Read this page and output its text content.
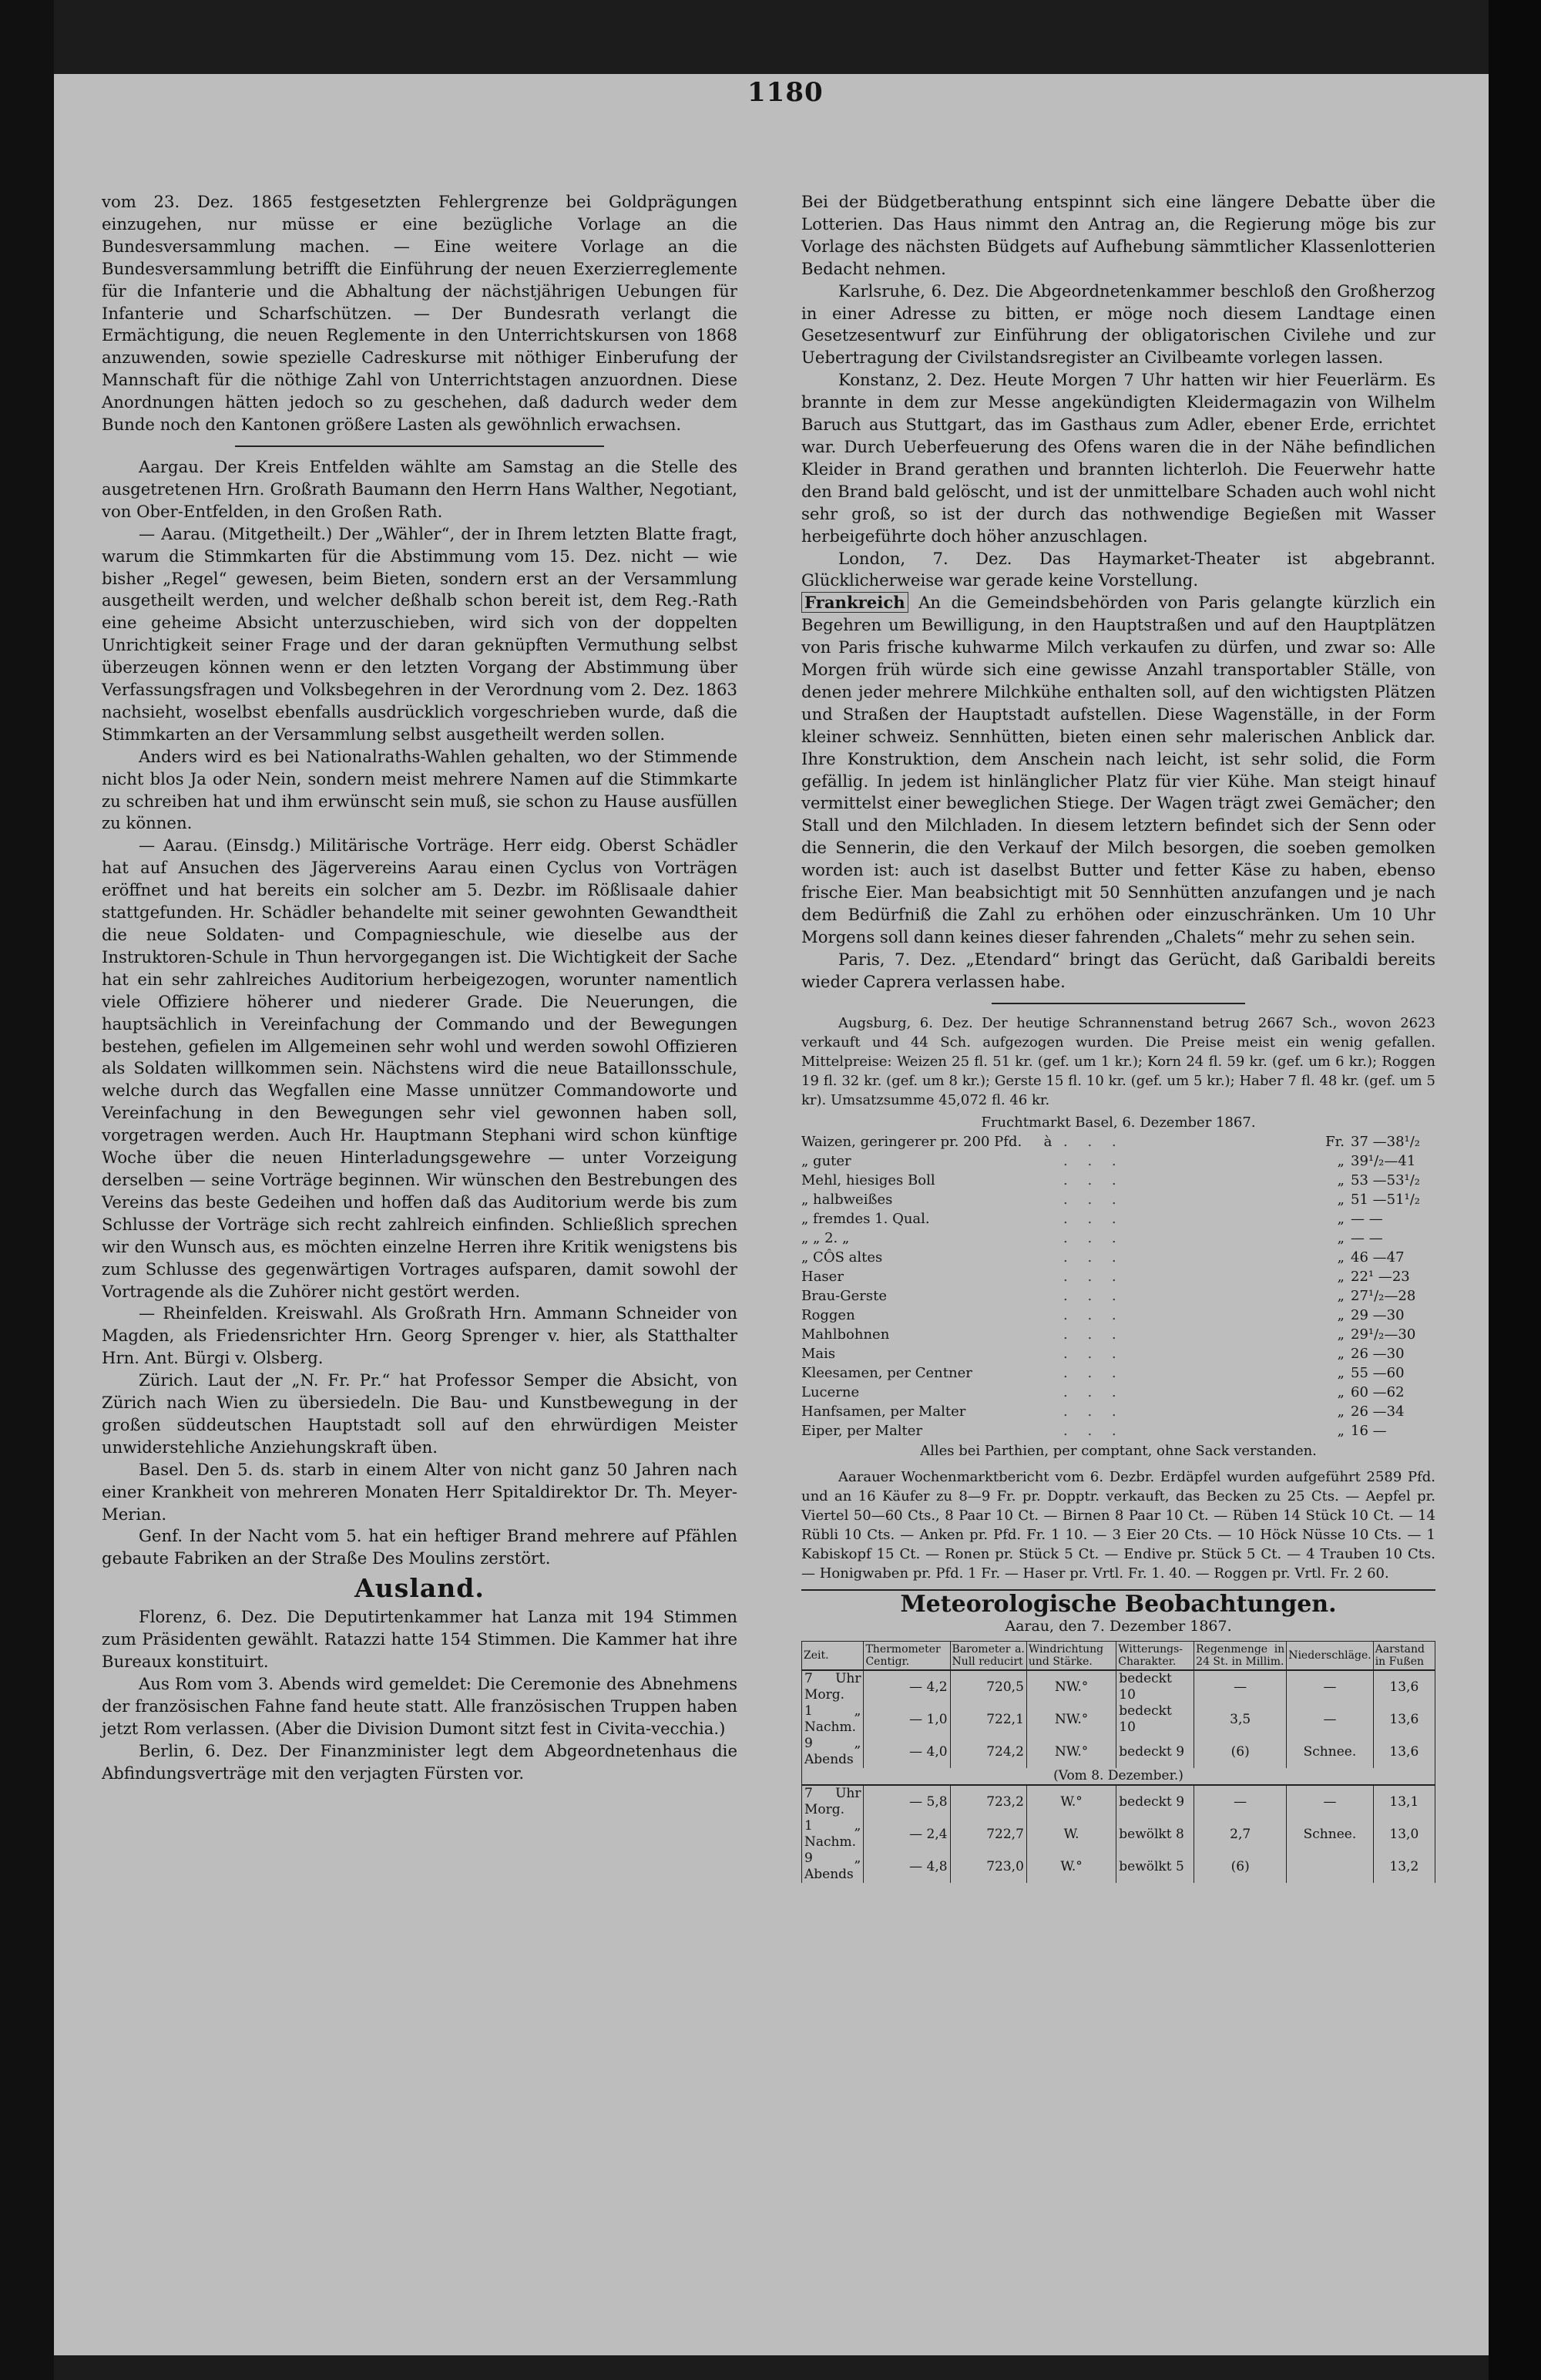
1180

vom 23. Dez. 1865 festgesetzten Fehlergrenze bei Goldprägungen einzugehen, nur müsse er eine bezügliche Vorlage an die Bundesversammlung machen. — Eine weitere Vorlage an die Bundesversammlung betrifft die Einführung der neuen Exerzierreglemente für die Infanterie und die Abhaltung der nächstjährigen Uebungen für Infanterie und Scharfschützen. — Der Bundesrath verlangt die Ermächtigung, die neuen Reglemente in den Unterrichtskursen von 1868 anzuwenden, sowie spezielle Cadreskurse mit nöthiger Einberufung der Mannschaft für die nöthige Zahl von Unterrichtstagen anzuordnen. Diese Anordnungen hätten jedoch so zu geschehen, daß dadurch weder dem Bunde noch den Kantonen größere Lasten als gewöhnlich erwachsen.

Aargau. Der Kreis Entfelden wählte am Samstag an die Stelle des ausgetretenen Hrn. Großrath Baumann den Herrn Hans Walther, Negotiant, von Ober-Entfelden, in den Großen Rath.

— Aarau. (Mitgetheilt.) Der „Wähler“, der in Ihrem letzten Blatte fragt, warum die Stimmkarten für die Abstimmung vom 15. Dez. nicht — wie bisher „Regel“ gewesen, beim Bieten, sondern erst an der Versammlung ausgetheilt werden, und welcher deßhalb schon bereit ist, dem Reg.-Rath eine geheime Absicht unterzuschieben, wird sich von der doppelten Unrichtigkeit seiner Frage und der daran geknüpften Vermuthung selbst überzeugen können wenn er den letzten Vorgang der Abstimmung über Verfassungsfragen und Volksbegehren in der Verordnung vom 2. Dez. 1863 nachsieht, woselbst ebenfalls ausdrücklich vorgeschrieben wurde, daß die Stimmkarten an der Versammlung selbst ausgetheilt werden sollen.

Anders wird es bei Nationalraths-Wahlen gehalten, wo der Stimmende nicht blos Ja oder Nein, sondern meist mehrere Namen auf die Stimmkarte zu schreiben hat und ihm erwünscht sein muß, sie schon zu Hause ausfüllen zu können.

— Aarau. (Einsdg.) Militärische Vorträge. Herr eidg. Oberst Schädler hat auf Ansuchen des Jägervereins Aarau einen Cyclus von Vorträgen eröffnet und hat bereits ein solcher am 5. Dezbr. im Rößlisaale dahier stattgefunden. Hr. Schädler behandelte mit seiner gewohnten Gewandtheit die neue Soldaten- und Compagnieschule, wie dieselbe aus der Instruktoren-Schule in Thun hervorgegangen ist. Die Wichtigkeit der Sache hat ein sehr zahlreiches Auditorium herbeigezogen, worunter namentlich viele Offiziere höherer und niederer Grade. Die Neuerungen, die hauptsächlich in Vereinfachung der Commando und der Bewegungen bestehen, gefielen im Allgemeinen sehr wohl und werden sowohl Offizieren als Soldaten willkommen sein. Nächstens wird die neue Bataillonsschule, welche durch das Wegfallen eine Masse unnützer Commandoworte und Vereinfachung in den Bewegungen sehr viel gewonnen haben soll, vorgetragen werden. Auch Hr. Hauptmann Stephani wird schon künftige Woche über die neuen Hinterladungsgewehre — unter Vorzeigung derselben — seine Vorträge beginnen. Wir wünschen den Bestrebungen des Vereins das beste Gedeihen und hoffen daß das Auditorium werde bis zum Schlusse der Vorträge sich recht zahlreich einfinden. Schließlich sprechen wir den Wunsch aus, es möchten einzelne Herren ihre Kritik wenigstens bis zum Schlusse des gegenwärtigen Vortrages aufsparen, damit sowohl der Vortragende als die Zuhörer nicht gestört werden.

— Rheinfelden. Kreiswahl. Als Großrath Hrn. Ammann Schneider von Magden, als Friedensrichter Hrn. Georg Sprenger v. hier, als Statthalter Hrn. Ant. Bürgi v. Olsberg.

Zürich. Laut der „N. Fr. Pr.“ hat Professor Semper die Absicht, von Zürich nach Wien zu übersiedeln. Die Bau- und Kunstbewegung in der großen süddeutschen Hauptstadt soll auf den ehrwürdigen Meister unwiderstehliche Anziehungskraft üben.

Basel. Den 5. ds. starb in einem Alter von nicht ganz 50 Jahren nach einer Krankheit von mehreren Monaten Herr Spitaldirektor Dr. Th. Meyer-Merian.

Genf. In der Nacht vom 5. hat ein heftiger Brand mehrere auf Pfählen gebaute Fabriken an der Straße Des Moulins zerstört.

Ausland.

Florenz, 6. Dez. Die Deputirtenkammer hat Lanza mit 194 Stimmen zum Präsidenten gewählt. Ratazzi hatte 154 Stimmen. Die Kammer hat ihre Bureaux konstituirt.

Aus Rom vom 3. Abends wird gemeldet: Die Ceremonie des Abnehmens der französischen Fahne fand heute statt. Alle französischen Truppen haben jetzt Rom verlassen. (Aber die Division Dumont sitzt fest in Civita-vecchia.)

Berlin, 6. Dez. Der Finanzminister legt dem Abgeordnetenhaus die Abfindungsverträge mit den verjagten Fürsten vor.

Bei der Büdgetberathung entspinnt sich eine längere Debatte über die Lotterien. Das Haus nimmt den Antrag an, die Regierung möge bis zur Vorlage des nächsten Büdgets auf Aufhebung sämmtlicher Klassenlotterien Bedacht nehmen.

Karlsruhe, 6. Dez. Die Abgeordnetenkammer beschloß den Großherzog in einer Adresse zu bitten, er möge noch diesem Landtage einen Gesetzesentwurf zur Einführung der obligatorischen Civilehe und zur Uebertragung der Civilstandsregister an Civilbeamte vorlegen lassen.

Konstanz, 2. Dez. Heute Morgen 7 Uhr hatten wir hier Feuerlärm. Es brannte in dem zur Messe angekündigten Kleidermagazin von Wilhelm Baruch aus Stuttgart, das im Gasthaus zum Adler, ebener Erde, errichtet war. Durch Ueberfeuerung des Ofens waren die in der Nähe befindlichen Kleider in Brand gerathen und brannten lichterloh. Die Feuerwehr hatte den Brand bald gelöscht, und ist der unmittelbare Schaden auch wohl nicht sehr groß, so ist der durch das nothwendige Begießen mit Wasser herbeigeführte doch höher anzuschlagen.

London, 7. Dez. Das Haymarket-Theater ist abgebrannt. Glücklicherweise war gerade keine Vorstellung.

Frankreich An die Gemeindsbehörden von Paris gelangte kürzlich ein Begehren um Bewilligung, in den Hauptstraßen und auf den Hauptplätzen von Paris frische kuhwarme Milch verkaufen zu dürfen, und zwar so: Alle Morgen früh würde sich eine gewisse Anzahl transportabler Ställe, von denen jeder mehrere Milchkühe enthalten soll, auf den wichtigsten Plätzen und Straßen der Hauptstadt aufstellen. Diese Wagenställe, in der Form kleiner schweiz. Sennhütten, bieten einen sehr malerischen Anblick dar. Ihre Konstruktion, dem Anschein nach leicht, ist sehr solid, die Form gefällig. In jedem ist hinlänglicher Platz für vier Kühe. Man steigt hinauf vermittelst einer beweglichen Stiege. Der Wagen trägt zwei Gemächer; den Stall und den Milchladen. In diesem letztern befindet sich der Senn oder die Sennerin, die den Verkauf der Milch besorgen, die soeben gemolken worden ist: auch ist daselbst Butter und fetter Käse zu haben, ebenso frische Eier. Man beabsichtigt mit 50 Sennhütten anzufangen und je nach dem Bedürfniß die Zahl zu erhöhen oder einzuschränken. Um 10 Uhr Morgens soll dann keines dieser fahrenden „Chalets“ mehr zu sehen sein.

Paris, 7. Dez. „Etendard“ bringt das Gerücht, daß Garibaldi bereits wieder Caprera verlassen habe.

Augsburg, 6. Dez. Der heutige Schrannenstand betrug 2667 Sch., wovon 2623 verkauft und 44 Sch. aufgezogen wurden. Die Preise meist ein wenig gefallen. Mittelpreise: Weizen 25 fl. 51 kr. (gef. um 1 kr.); Korn 24 fl. 59 kr. (gef. um 6 kr.); Roggen 19 fl. 32 kr. (gef. um 8 kr.); Gerste 15 fl. 10 kr. (gef. um 5 kr.); Haber 7 fl. 48 kr. (gef. um 5 kr). Umsatzsumme 45,072 fl. 46 kr.

Fruchtmarkt Basel, 6. Dezember 1867.
Waizen, geringerer pr. 200 Pfd.	à	. . .	Fr.	37 —38¹/₂
„ guter		. . .	„	39¹/₂—41
Mehl, hiesiges Boll		. . .	„	53 —53¹/₂
„ halbweißes		. . .	„	51 —51¹/₂
„ fremdes 1. Qual.		. . .	„	— —
„ „ 2. „		. . .	„	— —
„ CÔS altes		. . .	„	46 —47
Haser		. . .	„	22¹ —23
Brau-Gerste		. . .	„	27¹/₂—28
Roggen		. . .	„	29 —30
Mahlbohnen		. . .	„	29¹/₂—30
Mais		. . .	„	26 —30
Kleesamen, per Centner		. . .	„	55 —60
Lucerne		. . .	„	60 —62
Hanfsamen, per Malter		. . .	„	26 —34
Eiper, per Malter		. . .	„	16 —
Alles bei Parthien, per comptant, ohne Sack verstanden.

Aarauer Wochenmarktbericht vom 6. Dezbr. Erdäpfel wurden aufgeführt 2589 Pfd. und an 16 Käufer zu 8—9 Fr. pr. Dopptr. verkauft, das Becken zu 25 Cts. — Aepfel pr. Viertel 50—60 Cts., 8 Paar 10 Ct. — Birnen 8 Paar 10 Ct. — Rüben 14 Stück 10 Ct. — 14 Rübli 10 Cts. — Anken pr. Pfd. Fr. 1 10. — 3 Eier 20 Cts. — 10 Höck Nüsse 10 Cts. — 1 Kabiskopf 15 Ct. — Ronen pr. Stück 5 Ct. — Endive pr. Stück 5 Ct. — 4 Trauben 10 Cts. — Honigwaben pr. Pfd. 1 Fr. — Haser pr. Vrtl. Fr. 1. 40. — Roggen pr. Vrtl. Fr. 2 60.

Meteorologische Beobachtungen.
Aarau, den 7. Dezember 1867.
Zeit.	Thermometer Centigr.	Barometer a. Null reducirt	Windrichtung und Stärke.	Witterungs-Charakter.	Regenmenge in 24 St. in Millim.	Niederschläge.	Aarstand in Fußen
7 Uhr Morg.	— 4,2	720,5	NW.°	bedeckt 10	—	—	13,6
1 „ Nachm.	— 1,0	722,1	NW.°	bedeckt 10	3,5	—	13,6
9 „ Abends	— 4,0	724,2	NW.°	bedeckt 9	(6)	Schnee.	13,6
(Vom 8. Dezember.)							
7 Uhr Morg.	— 5,8	723,2	W.°	bedeckt 9	—	—	13,1
1 „ Nachm.	— 2,4	722,7	W.	bewölkt 8	2,7	Schnee.	13,0
9 „ Abends	— 4,8	723,0	W.°	bewölkt 5	(6)		13,2
